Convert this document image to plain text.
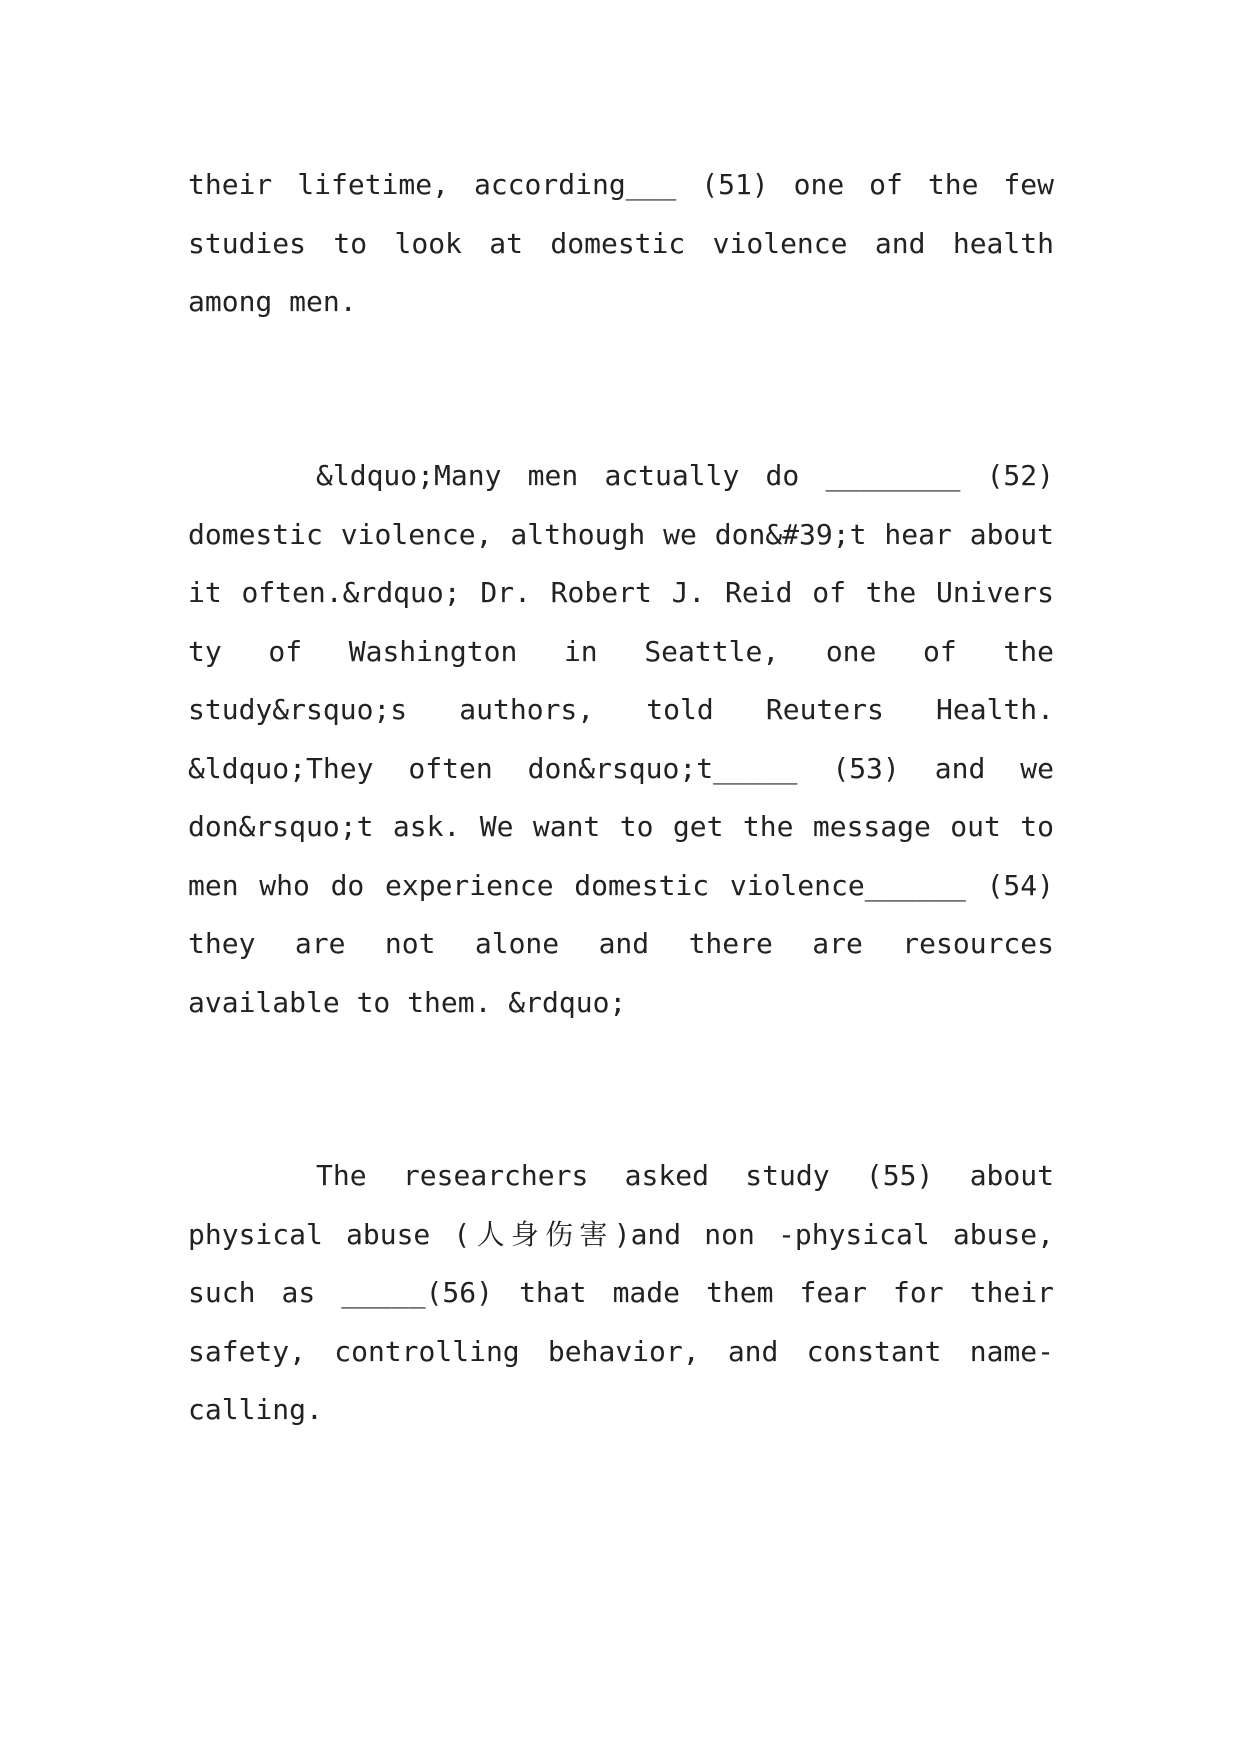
their lifetime, according___ (51) one of the few studies to look at domestic violence and health among men.

&ldquo;Many men actually do ________ (52) domestic violence, although we don&#39;t hear about it often.&rdquo; Dr. Robert J. Reid of the Univers ty of Washington in Seattle, one of the study&rsquo;s authors, told Reuters Health. &ldquo;They often don&rsquo;t_____ (53) and we don&rsquo;t ask. We want to get the message out to men who do experience domestic violence______ (54) they are not alone and there are resources available to them. &rdquo;

The researchers asked study (55) about physical abuse (人身伤害)and non -physical abuse, such as _____(56) that made them fear for their safety, controlling behavior, and constant name-calling.
